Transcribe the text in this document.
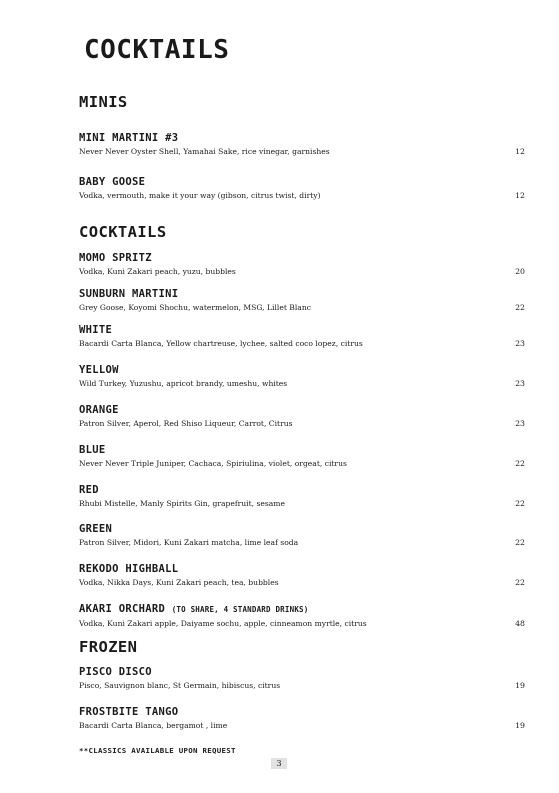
COCKTAILS
MINIS
MINI MARTINI #3
Never Never Oyster Shell, Yamahai Sake, rice vinegar, garnishes	12
BABY GOOSE
Vodka, vermouth, make it your way (gibson, citrus twist, dirty)	12
COCKTAILS
MOMO SPRITZ
Vodka, Kuni Zakari peach, yuzu, bubbles	20
SUNBURN MARTINI
Grey Goose, Koyomi Shochu, watermelon, MSG, Lillet Blanc	22
WHITE
Bacardi Carta Blanca, Yellow chartreuse, lychee, salted coco lopez, citrus	23
YELLOW
Wild Turkey, Yuzushu, apricot brandy, umeshu, whites	23
ORANGE
Patron Silver, Aperol, Red Shiso Liqueur, Carrot, Citrus	23
BLUE
Never Never Triple Juniper, Cachaca, Spiriulina, violet, orgeat, citrus	22
RED
Rhubi Mistelle, Manly Spirits Gin, grapefruit, sesame	22
GREEN
Patron Silver, Midori, Kuni Zakari matcha, lime leaf soda	22
REKODO HIGHBALL
Vodka, Nikka Days, Kuni Zakari peach, tea, bubbles	22
AKARI ORCHARD (TO SHARE, 4 STANDARD DRINKS)
Vodka, Kuni Zakari apple, Daiyame sochu, apple, cinneamon myrtle, citrus	48
FROZEN
PISCO DISCO
Pisco, Sauvignon blanc, St Germain, hibiscus, citrus	19
FROSTBITE TANGO
Bacardi Carta Blanca, bergamot , lime	19
**CLASSICS AVAILABLE UPON REQUEST
3
